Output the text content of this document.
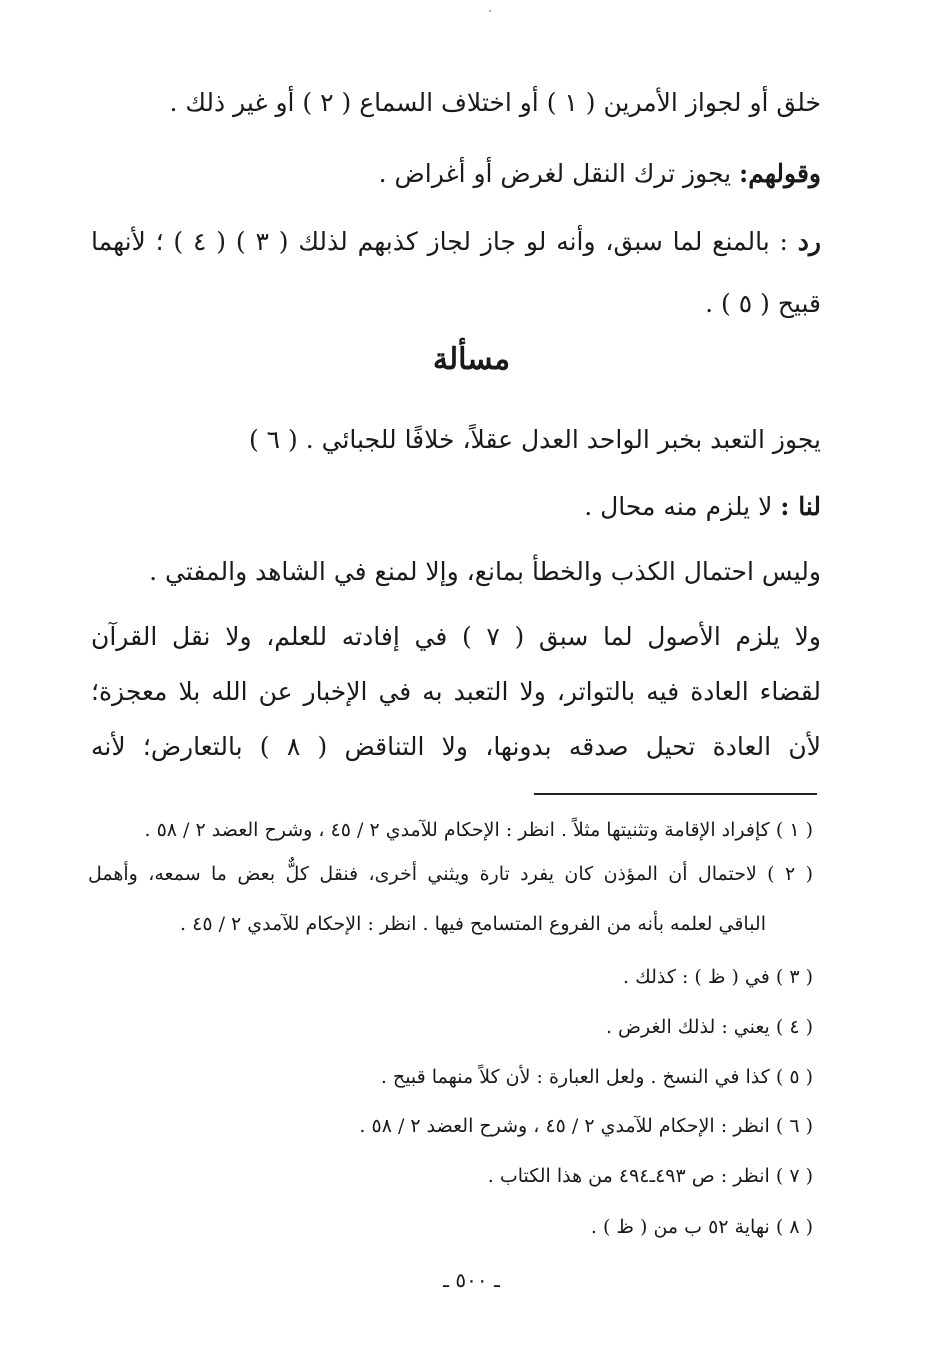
خلق أو لجواز الأمرين ( ١ ) أو اختلاف السماع ( ٢ ) أو غير ذلك .

وقولهم: يجوز ترك النقل لغرض أو أغراض .

رد : بالمنع لما سبق، وأنه لو جاز لجاز كذبهم لذلك ( ٣ ) ( ٤ ) ؛ لأنهما

قبيح ( ٥ ) .

مسألة

يجوز التعبد بخبر الواحد العدل عقلاً، خلافًا للجبائي . ( ٦ )

لنا : لا يلزم منه محال .

وليس احتمال الكذب والخطأ بمانع، وإلا لمنع في الشاهد والمفتي .

ولا يلزم الأصول لما سبق ( ٧ ) في إفادته للعلم، ولا نقل القرآن

لقضاء العادة فيه بالتواتر، ولا التعبد به في الإخبار عن الله بلا معجزة؛

لأن العادة تحيل صدقه بدونها، ولا التناقض ( ٨ ) بالتعارض؛ لأنه

( ١ ) كإفراد الإقامة وتثنيتها مثلاً . انظر : الإحكام للآمدي ٢ / ٤٥ ، وشرح العضد ٢ / ٥٨ .

( ٢ ) لاحتمال أن المؤذن كان يفرد تارة ويثني أخرى، فنقل كلٌّ بعض ما سمعه، وأهمل

الباقي لعلمه بأنه من الفروع المتسامح فيها . انظر : الإحكام للآمدي ٢ / ٤٥ .

( ٣ ) في ( ظ ) : كذلك .

( ٤ ) يعني : لذلك الغرض .

( ٥ ) كذا في النسخ . ولعل العبارة : لأن كلاً منهما قبيح .

( ٦ ) انظر : الإحكام للآمدي ٢ / ٤٥ ، وشرح العضد ٢ / ٥٨ .

( ٧ ) انظر : ص ٤٩٣ـ٤٩٤ من هذا الكتاب .

( ٨ ) نهاية ٥٢ ب من ( ظ ) .

ـ ٥٠٠ ـ
